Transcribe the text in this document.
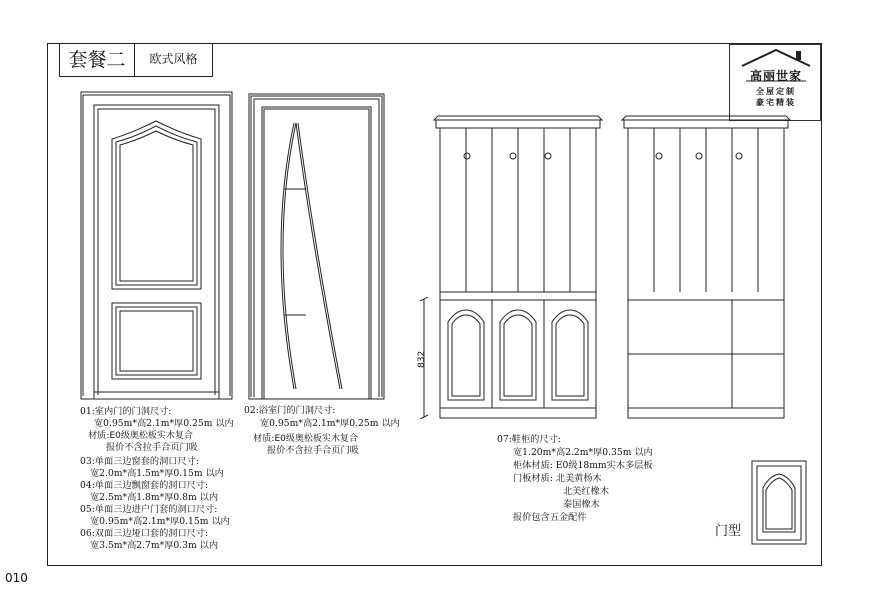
套餐二	欧式风格
高丽世家
全屋定制
豪宅精装
832
01:室内门的门洞尺寸:
宽0.95m*高2.1m*厚0.25m 以内
材质:E0级奥松板实木复合
报价不含拉手合页门吸
03:单面三边窗套的洞口尺寸:
宽2.0m*高1.5m*厚0.15m 以内
04:单面三边飘窗套的洞口尺寸:
宽2.5m*高1.8m*厚0.8m 以内
05:单面三边进户门套的洞口尺寸:
宽0.95m*高2.1m*厚0.15m 以内
06:双面三边垭口套的洞口尺寸:
宽3.5m*高2.7m*厚0.3m 以内
02:浴室门的门洞尺寸:
宽0.95m*高2.1m*厚0.25m 以内
材质:E0级奥松板实木复合
报价不含拉手合页门吸
07:鞋柜的尺寸:
宽1.20m*高2.2m*厚0.35m 以内
柜体材质: E0级18mm实木多层板
门板材质: 北美黄杨木
北美红橡木
泰国橡木
报价包含五金配件
门型
010
